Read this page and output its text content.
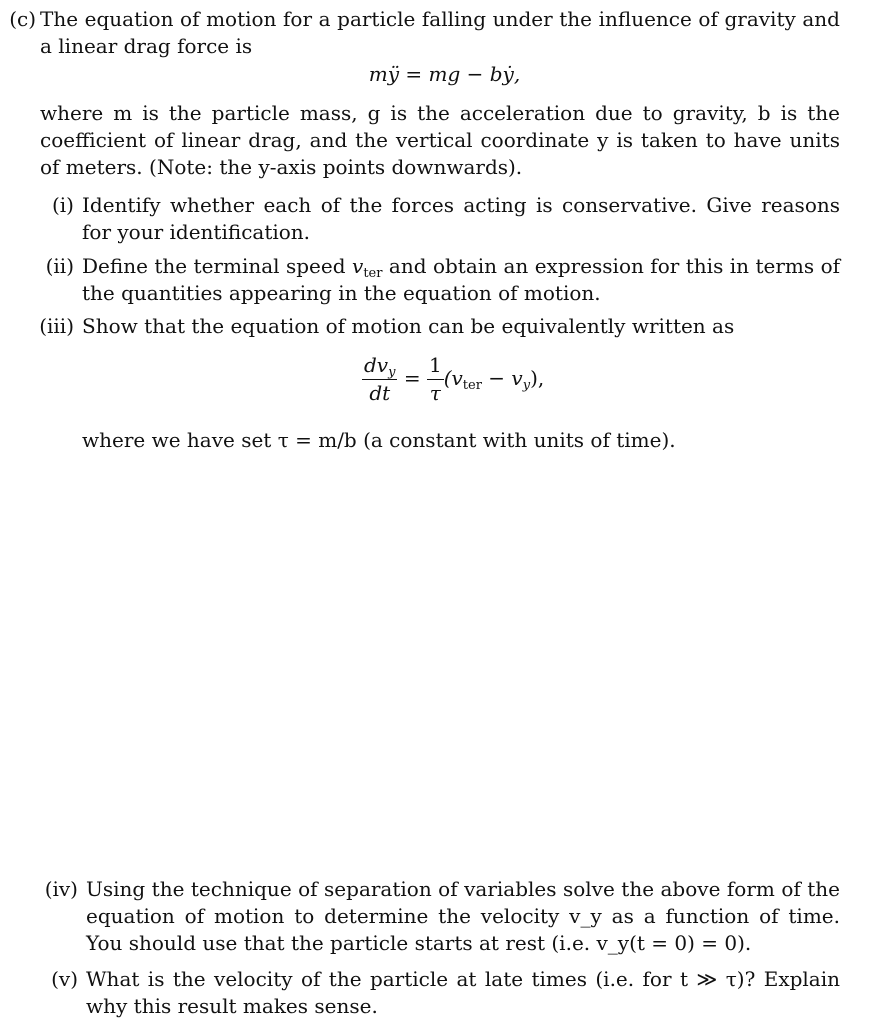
(c) The equation of motion for a particle falling under the influence of gravity and a linear drag force is
mÿ = mg − bẏ,
where m is the particle mass, g is the acceleration due to gravity, b is the coefficient of linear drag, and the vertical coordinate y is taken to have units of meters. (Note: the y-axis points downwards).
(i) Identify whether each of the forces acting is conservative. Give reasons for your identification.
(ii) Define the terminal speed $v_{ter}$ and obtain an expression for this in terms of the quantities appearing in the equation of motion.
(iii) Show that the equation of motion can be equivalently written as
$\frac{dv_y}{dt} = \frac{1}{\tau} (v_{ter} - v_y)$,
where we have set τ = m/b (a constant with units of time).
(iv) Using the technique of separation of variables solve the above form of the equation of motion to determine the velocity v_y as a function of time. You should use that the particle starts at rest (i.e. v_y(t = 0) = 0).
(v) What is the velocity of the particle at late times (i.e. for t ≫ τ)? Explain why this result makes sense.
